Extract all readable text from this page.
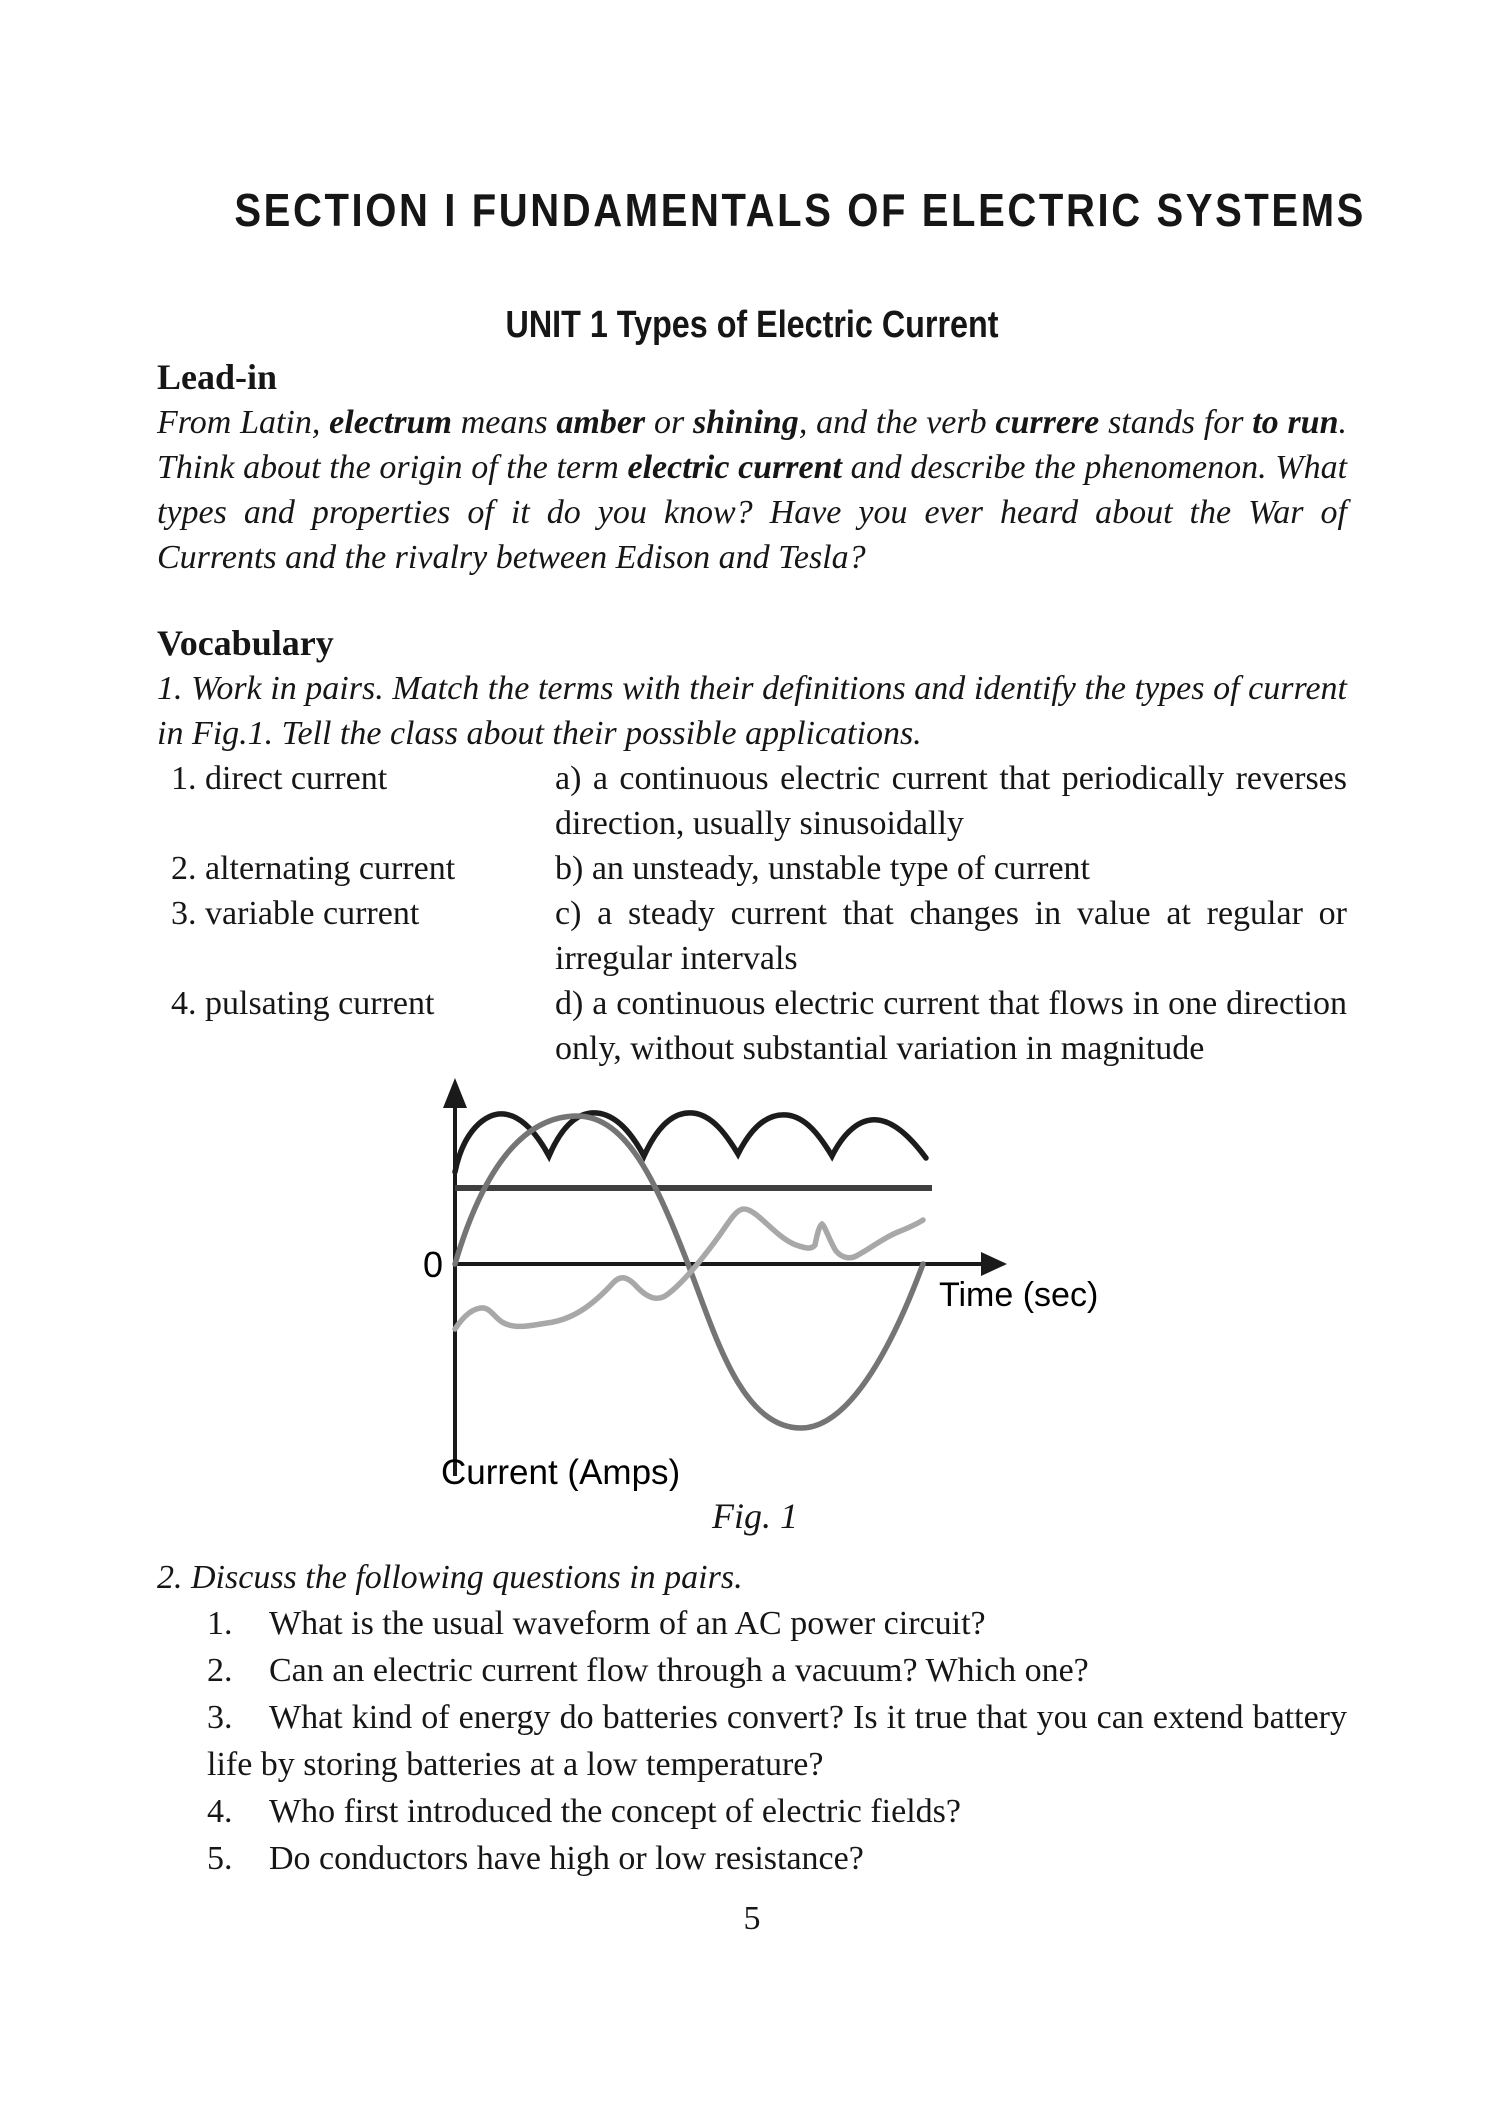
SECTION I FUNDAMENTALS OF ELECTRIC SYSTEMS
UNIT 1 Types of Electric Current

Lead-in

From Latin, electrum means amber or shining, and the verb currere stands for to run. Think about the origin of the term electric current and describe the phenomenon. What types and properties of it do you know? Have you ever heard about the War of Currents and the rivalry between Edison and Tesla?

Vocabulary

1. Work in pairs. Match the terms with their definitions and identify the types of current in Fig.1. Tell the class about their possible applications.

1. direct current	a) a continuous electric current that periodically reverses direction, usually sinusoidally
2. alternating current	b) an unsteady, unstable type of current
3. variable current	c) a steady current that changes in value at regular or irregular intervals
4. pulsating current	d) a continuous electric current that flows in one direction only, without substantial variation in magnitude
0
Time (sec)
Current (Amps)

Fig. 1

2. Discuss the following questions in pairs.

1. What is the usual waveform of an AC power circuit?
2. Can an electric current flow through a vacuum? Which one?
3. What kind of energy do batteries convert? Is it true that you can extend battery life by storing batteries at a low temperature?
4. Who first introduced the concept of electric fields?
5. Do conductors have high or low resistance?
5
